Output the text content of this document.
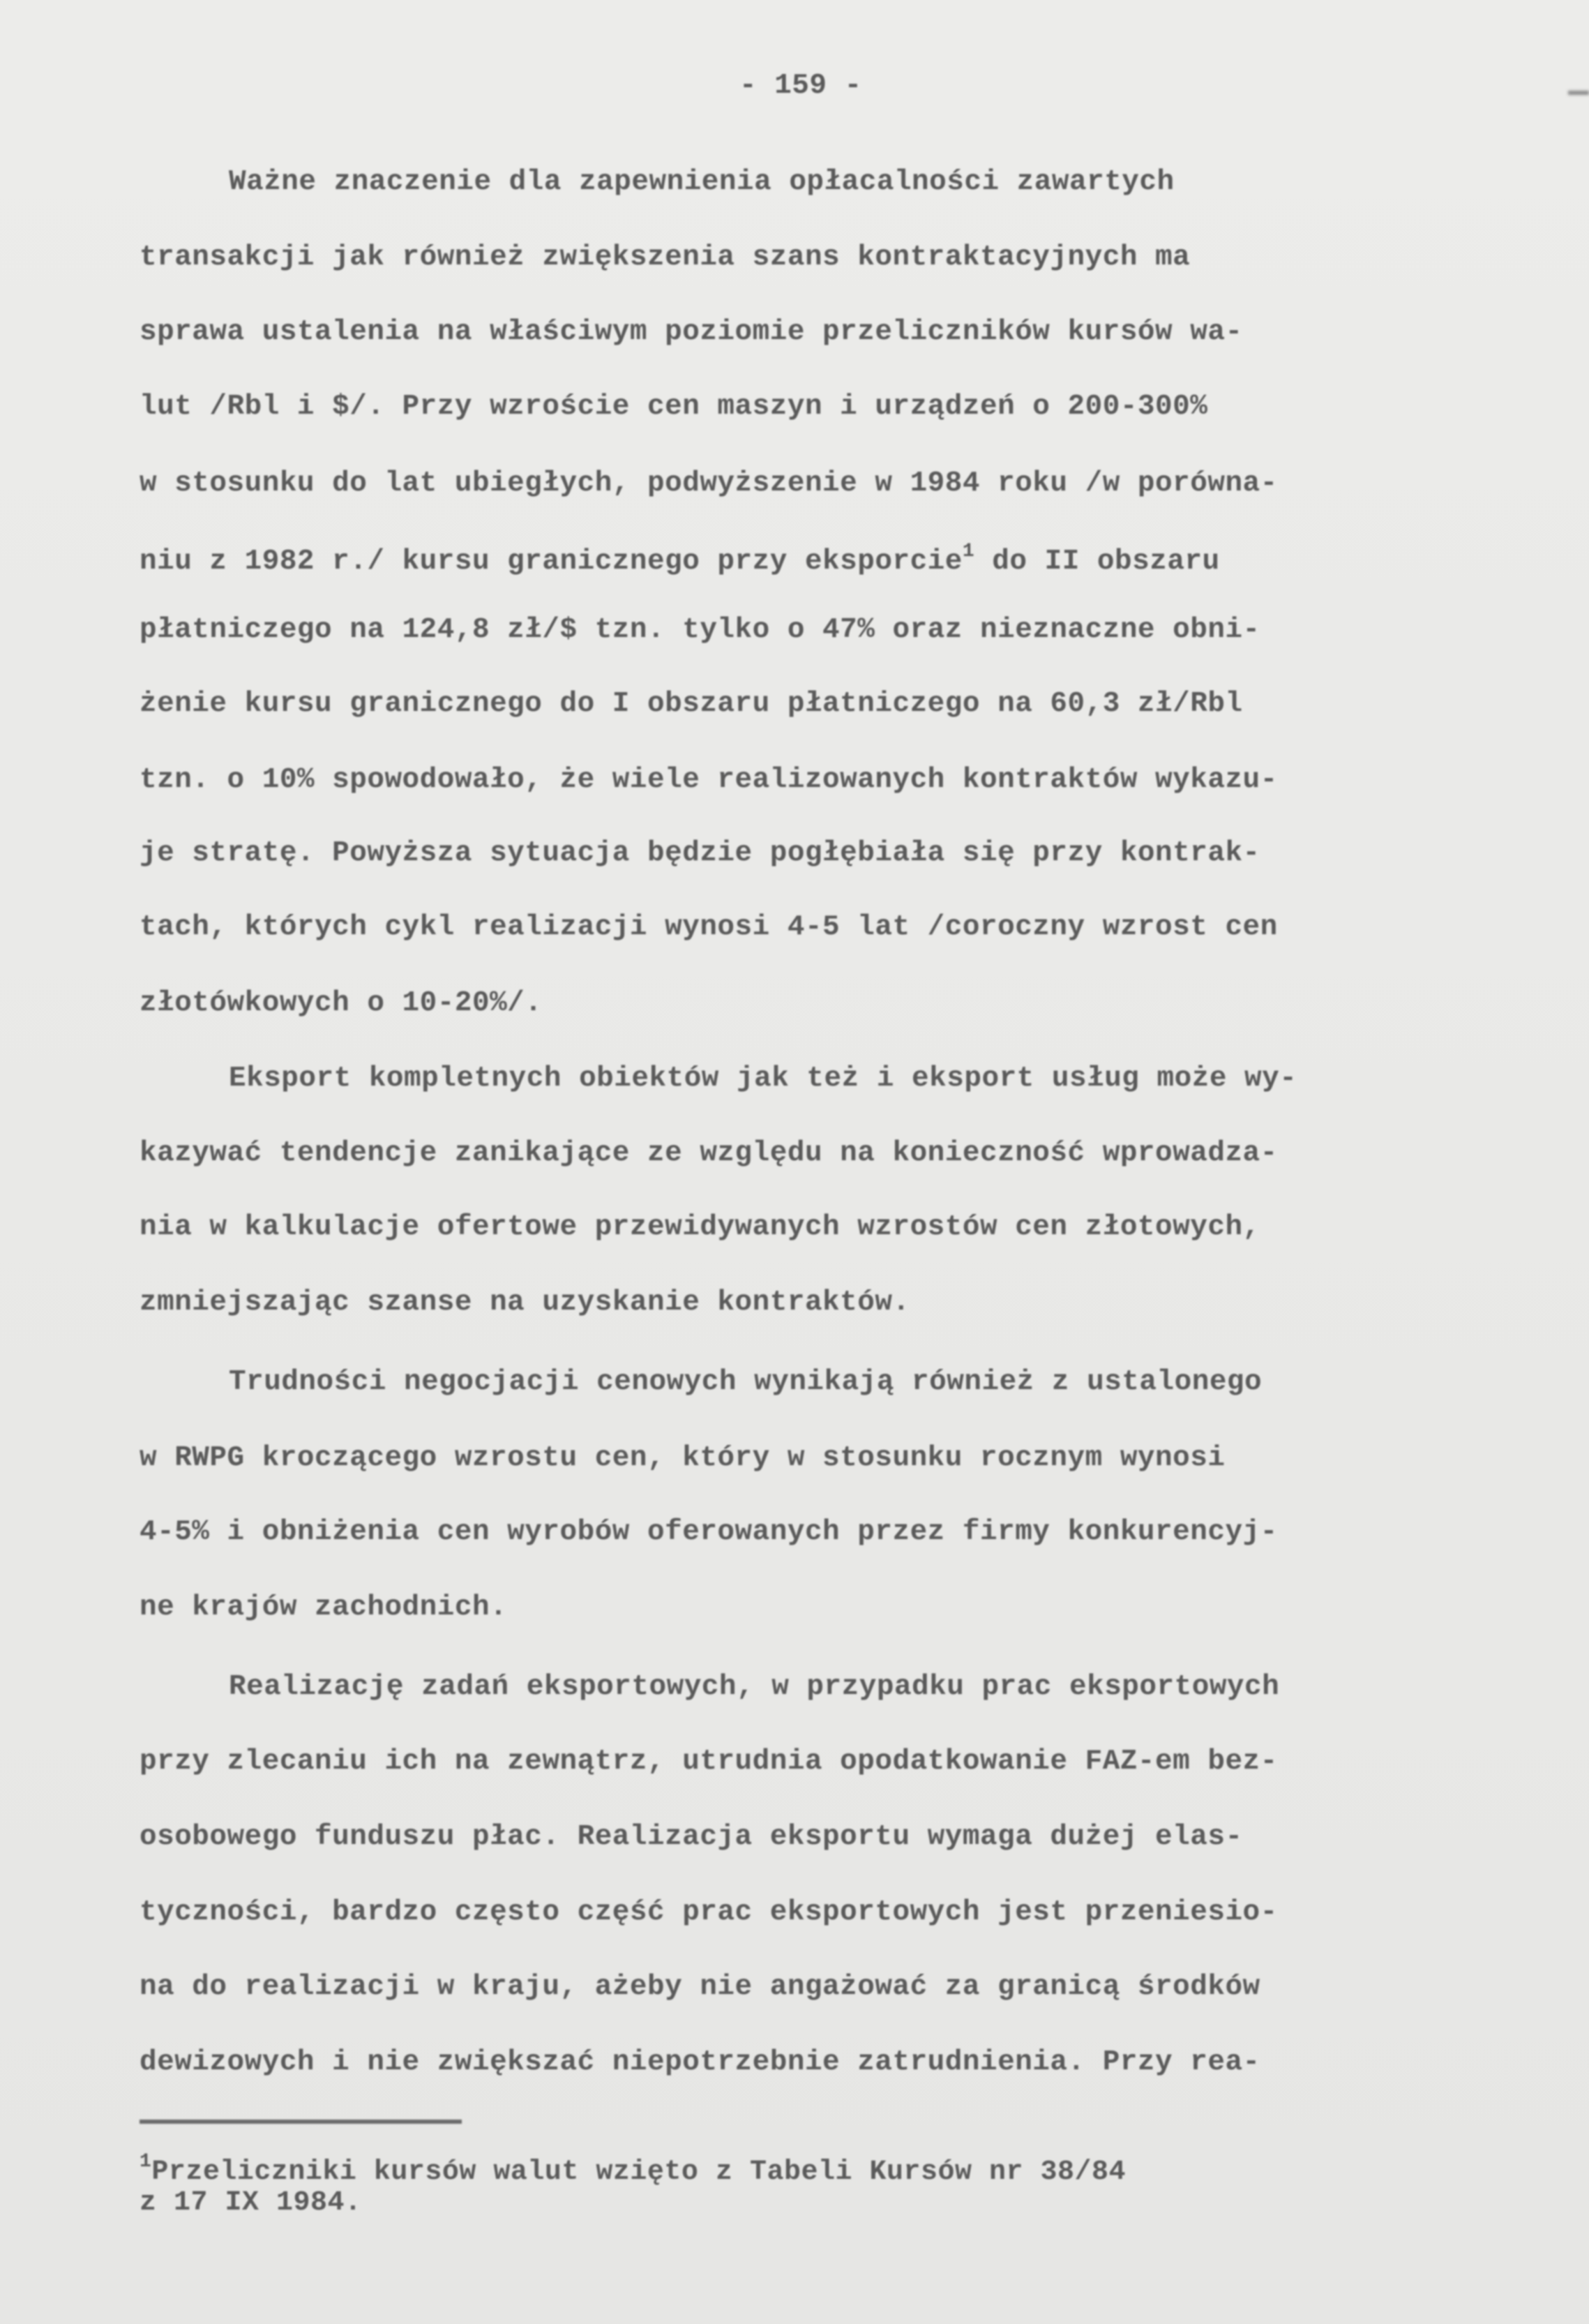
- 159 -
Ważne znaczenie dla zapewnienia opłacalności zawartych
transakcji jak również zwiększenia szans kontraktacyjnych ma
sprawa ustalenia na właściwym poziomie przeliczników kursów wa-
lut /Rbl i $/. Przy wzroście cen maszyn i urządzeń o 200-300%
w stosunku do lat ubiegłych, podwyższenie w 1984 roku /w porówna-
niu z 1982 r./ kursu granicznego przy eksporcie$^1$ do II obszaru
płatniczego na 124,8 zł/$ tzn. tylko o 47% oraz nieznaczne obni-
żenie kursu granicznego do I obszaru płatniczego na 60,3 zł/Rbl
tzn. o 10% spowodowało, że wiele realizowanych kontraktów wykazu-
je stratę. Powyższa sytuacja będzie pogłębiała się przy kontrak-
tach, których cykl realizacji wynosi 4-5 lat /coroczny wzrost cen
złotówkowych o 10-20%/.
Eksport kompletnych obiektów jak też i eksport usług może wy-
kazywać tendencje zanikające ze względu na konieczność wprowadza-
nia w kalkulacje ofertowe przewidywanych wzrostów cen złotowych,
zmniejszając szanse na uzyskanie kontraktów.
Trudności negocjacji cenowych wynikają również z ustalonego
w RWPG kroczącego wzrostu cen, który w stosunku rocznym wynosi
4-5% i obniżenia cen wyrobów oferowanych przez firmy konkurencyj-
ne krajów zachodnich.
Realizację zadań eksportowych, w przypadku prac eksportowych
przy zlecaniu ich na zewnątrz, utrudnia opodatkowanie FAZ-em bez-
osobowego funduszu płac. Realizacja eksportu wymaga dużej elas-
tyczności, bardzo często część prac eksportowych jest przeniesio-
na do realizacji w kraju, ażeby nie angażować za granicą środków
dewizowych i nie zwiększać niepotrzebnie zatrudnienia. Przy rea-
$^1$Przeliczniki kursów walut wzięto z Tabeli Kursów nr 38/84
z 17 IX 1984.
